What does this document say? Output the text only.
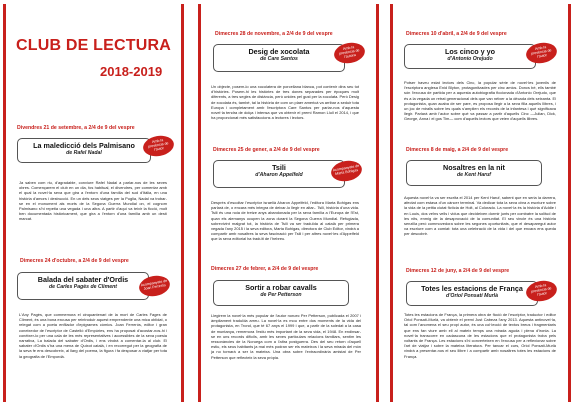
CLUB DE LECTURA
2018-2019
Divendres 21 de setembre, a 2/4 de 9 del vespre
La maledicció dels Palmisano
de Rafel Nadal
Amb la presència de l'autor
Ja saben com riu, d'agradable, conviure Rafel Nadal a parlar-nos de les seves obres. Començarem el club en un dia, fos habitual, el divendres, per comentar amb el qual la novel·la seva que gira a l'entorn d'una família del sud d'Itàlia, en una història d'amors i destrucció. En un dels seus viatges per la Puglia, Nadal va trobar-se en el monument als morts de la Segona Guerra Mundial on, el cognom Palmisano s'hi repetia una vegada i una altra. A partir d'aquí va teixir la ficció, molt ben documentada històricament, que gira a l'entorn d'una família amb un destí marcat.
Dimecres 24 d'octubre, a 2/4 de 9 del vespre
Balada del sabater d'Ordis
de Carles Pagès de Climent	Acompanyats de Joan Ferrerós
L'Any Pagès, que commemora el cinquantenari de la mort de Carles Fages de Climent, és una bona excusa per reintroduir aquest emprendente una mica oblidat, o relegat com a poeta enfilador d'epigrames còmics. Joan Ferrerós, editor i gran coneixedor de l'escriptor de Castelló d'Empúries, ens ha proposat d'acostar-nos-hi i conèixer-lo per una cala de les més representatives i accessibles de la seva poesia narrativa, La balada del sabater d'Ordis, i ens vindrà a comentar-la al club. El sabater d'Ordis s'ha una mena de Quixot català, i en recorregut per la geografia de la seva fe ens descobreix, al llarg del poema, la figura i fa desposar a viatjar per tota la geografia de l'Empordà.
Dimecres 28 de novembre, a 2/4 de 9 del vespre
Desig de xocolata
de Care Santos
Amb la presència de l'autora
Un objecte, posem-lo una xocolatera de porcellana blanca, pot contenir dins seu tot d'històries. Posem-hi les històries de tres dones separades per èpoques molt diferents, a tres segles de distància, però unides pel gust per la xocolata. Però Desig de xocolata és, també, tal la història de com un plaer americà va arribar a seduir tota Europa i completament amb l'escriptora Care Santos per parlar-nos d'aquesta novel·la tendra de dolça i intensa que va obtenir el premi Ramon Llull el 2014, i que ha proporcionat més satisfaccions a lectores i lectors.
Dimecres 25 de gener, a 2/4 de 9 del vespre
Tsili
d'Aharon Appelfeld
Acompanyats de Marta Bohigas
Després d'escoltar l'escriptor israelià Aharon Appelfeld, l'editora Marta Bohigas ens parlarà de, o encara més integra de deixar-lo llegir en altar-. Tsili, història d'una vida. Tsili és una noia de tretze anys abandonada per la seva família a l'Europa de l'Est, quan els alemanys ocupen la zona durant la Segona Guerra Mundial. Refugiada, sobrevivint malgrat tot, la història de Tsili va ser traduïda al català per primera vegada l'any 2015 i la seva editora, Marta Bohigas, directora de Club Editor, vindrà a compartir amb nosaltres la seva fascinació per Tsili i per altres novel·les d'Appelfeld que la seva editorial ha traduït de l'hebreu.
Dimecres 27 de febrer, a 2/4 de 9 del vespre
Sortir a robar cavalls
de Per Petterson
Llegirem la novel·la més popular de l'autor noruec Per Petterson, publicada el 2007 i àmpliament traduïda arreu. La novel·la es mou entre dos moments de la vida del protagonista, en Trond, que té 67 anys el 1999 i que, a partir de la soledat a la casa de muntanya, rememora l'estiu més important de la seva vida, el 1948. En endinsar-se en uns records difícils, amb les seves particulars relacions familiars, sentim les ressonàncies de la Noruega com a l'altra postguerra. Des del seu retorn d'aquell estiu, els seus habitants ja mai més podran ser els mateixos i la seva mirada del món ja no tornarà a ser la mateixa. Una obra sobre l'extraordinària amistat de Per Petterson que reflecteix la seva pròpia.
Dimecres 10 d'abril, a 2/4 de 9 del vespre
Los cinco y yo
d'Antonio Orejudo
Amb la presència de l'autor
Potser haveu estat lectors dels Cinc, la popular sèrie de novel·les juvenils de l'escriptora anglesa Enid Blyton, protagonitzades per cinc amics. Doncs bé, ells també són l'excusa de partida per a aquesta autobiografia ficcionada d'Antonio Orejudo, que és a la vegada un retrat generacional dels que van néixer a la dècada dels seixanta. El protagonista, quan acaba de ser pare, es proposa llegir a la seva filla aquells llibres, i un joc de miralls sobre les quals s'amplien els records de la infantesa i què significava llegir. Parlarà amb l'autor sobre què va passar a partir d'aquells Cinc —Julian, Dick, George, Anna i el gos Tim— com d'aquells lectors que veien d'aquells llibres.
Dimecres 8 de maig, a 2/4 de 9 del vespre
Nosaltres en la nit
de Kent Haruf
Aquesta novel·la va ser escrita el 2014 per Kent Haruf, sabent que en seria la darrera, afectat com estava d'un càncer terminal. Va dedicar tota la seva obra a escriure sobre la vida de la petita ciutat fictícia de Holt, al Colorado. La novel·la és la història d'Addie i en Louis, dos veïns vells i vidus que decideixen dormir junts per combatre la solitud de les nits, enmig de la desaprovació de la comunitat. El seu vincle és una història senzilla però commovedora sobre les segones oportunitats, que el desaparegut autor va escriure com a comiat: tota una celebració de la vida i del que encara ens queda per descobrir.
Dimecres 12 de juny, a 2/4 de 9 del vespre
Totes les estacions de França
d'Oriol Ponsatí Murlà
Amb la presència de l'autor
Totes les estacions de França, la primera obra de ficció de l'escriptor, traductor i editor Oriol Ponsatí-Murlà, va obtenir el premi Just Cabeza l'any 2013. Aquesta antinovel·la, tal com l'anomena el seu propi autor, és una col·lecció de textos breus i fragmentaris que ens fan viure amb ell al mateix temps una mirada aguda i plena d'ironia. La novel·la transcorre en cadascuna de les estacions que el protagonista troba pels voltants de França. Les estacions s'hi converteixen en l'excusa per a reflexionar sobre l'art de viatjar i sobre la mateixa literatura. Per tancar el curs, Oriol Ponsatí-Murlà vindrà a presentar-nos el seu llibre i a compartir amb nosaltres totes les estacions de França.
